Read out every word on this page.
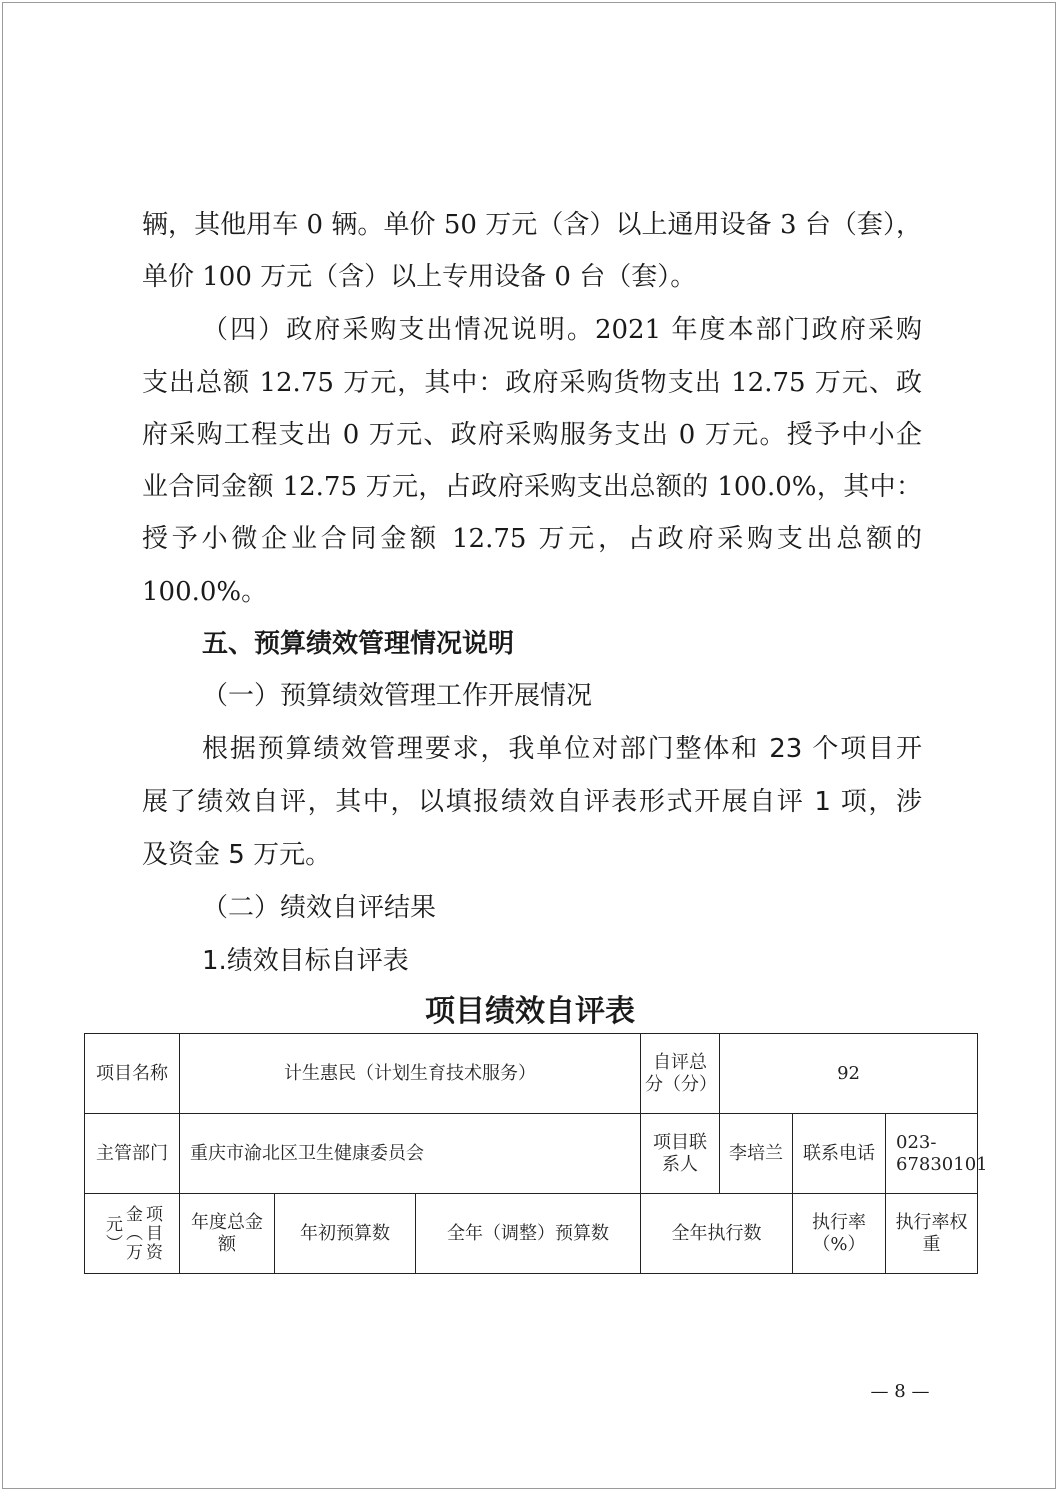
辆，其他用车 0 辆。单价 50 万元（含）以上通用设备 3 台（套），
单价 100 万元（含）以上专用设备 0 台（套）。
（四）政府采购支出情况说明。2021 年度本部门政府采购
支出总额 12.75 万元，其中：政府采购货物支出 12.75 万元、政
府采购工程支出 0 万元、政府采购服务支出 0 万元。授予中小企
业合同金额 12.75 万元，占政府采购支出总额的 100.0%，其中：
授予小微企业合同金额 12.75 万元，占政府采购支出总额的
100.0%。
五、预算绩效管理情况说明
（一）预算绩效管理工作开展情况
根据预算绩效管理要求，我单位对部门整体和 23 个项目开
展了绩效自评，其中，以填报绩效自评表形式开展自评 1 项，涉
及资金 5 万元。
（二）绩效自评结果
1.绩效目标自评表
项目绩效自评表
项目名称	计生惠民（计划生育技术服务）			自评总分（分）	92		
主管部门	重庆市渝北区卫生健康委员会			项目联系人	李培兰	联系电话	023-67830101

项目资金（万元）	年度总金额	年初预算数	全年（调整）预算数	全年执行数		执行率（%）	执行率权重
— 8 —
